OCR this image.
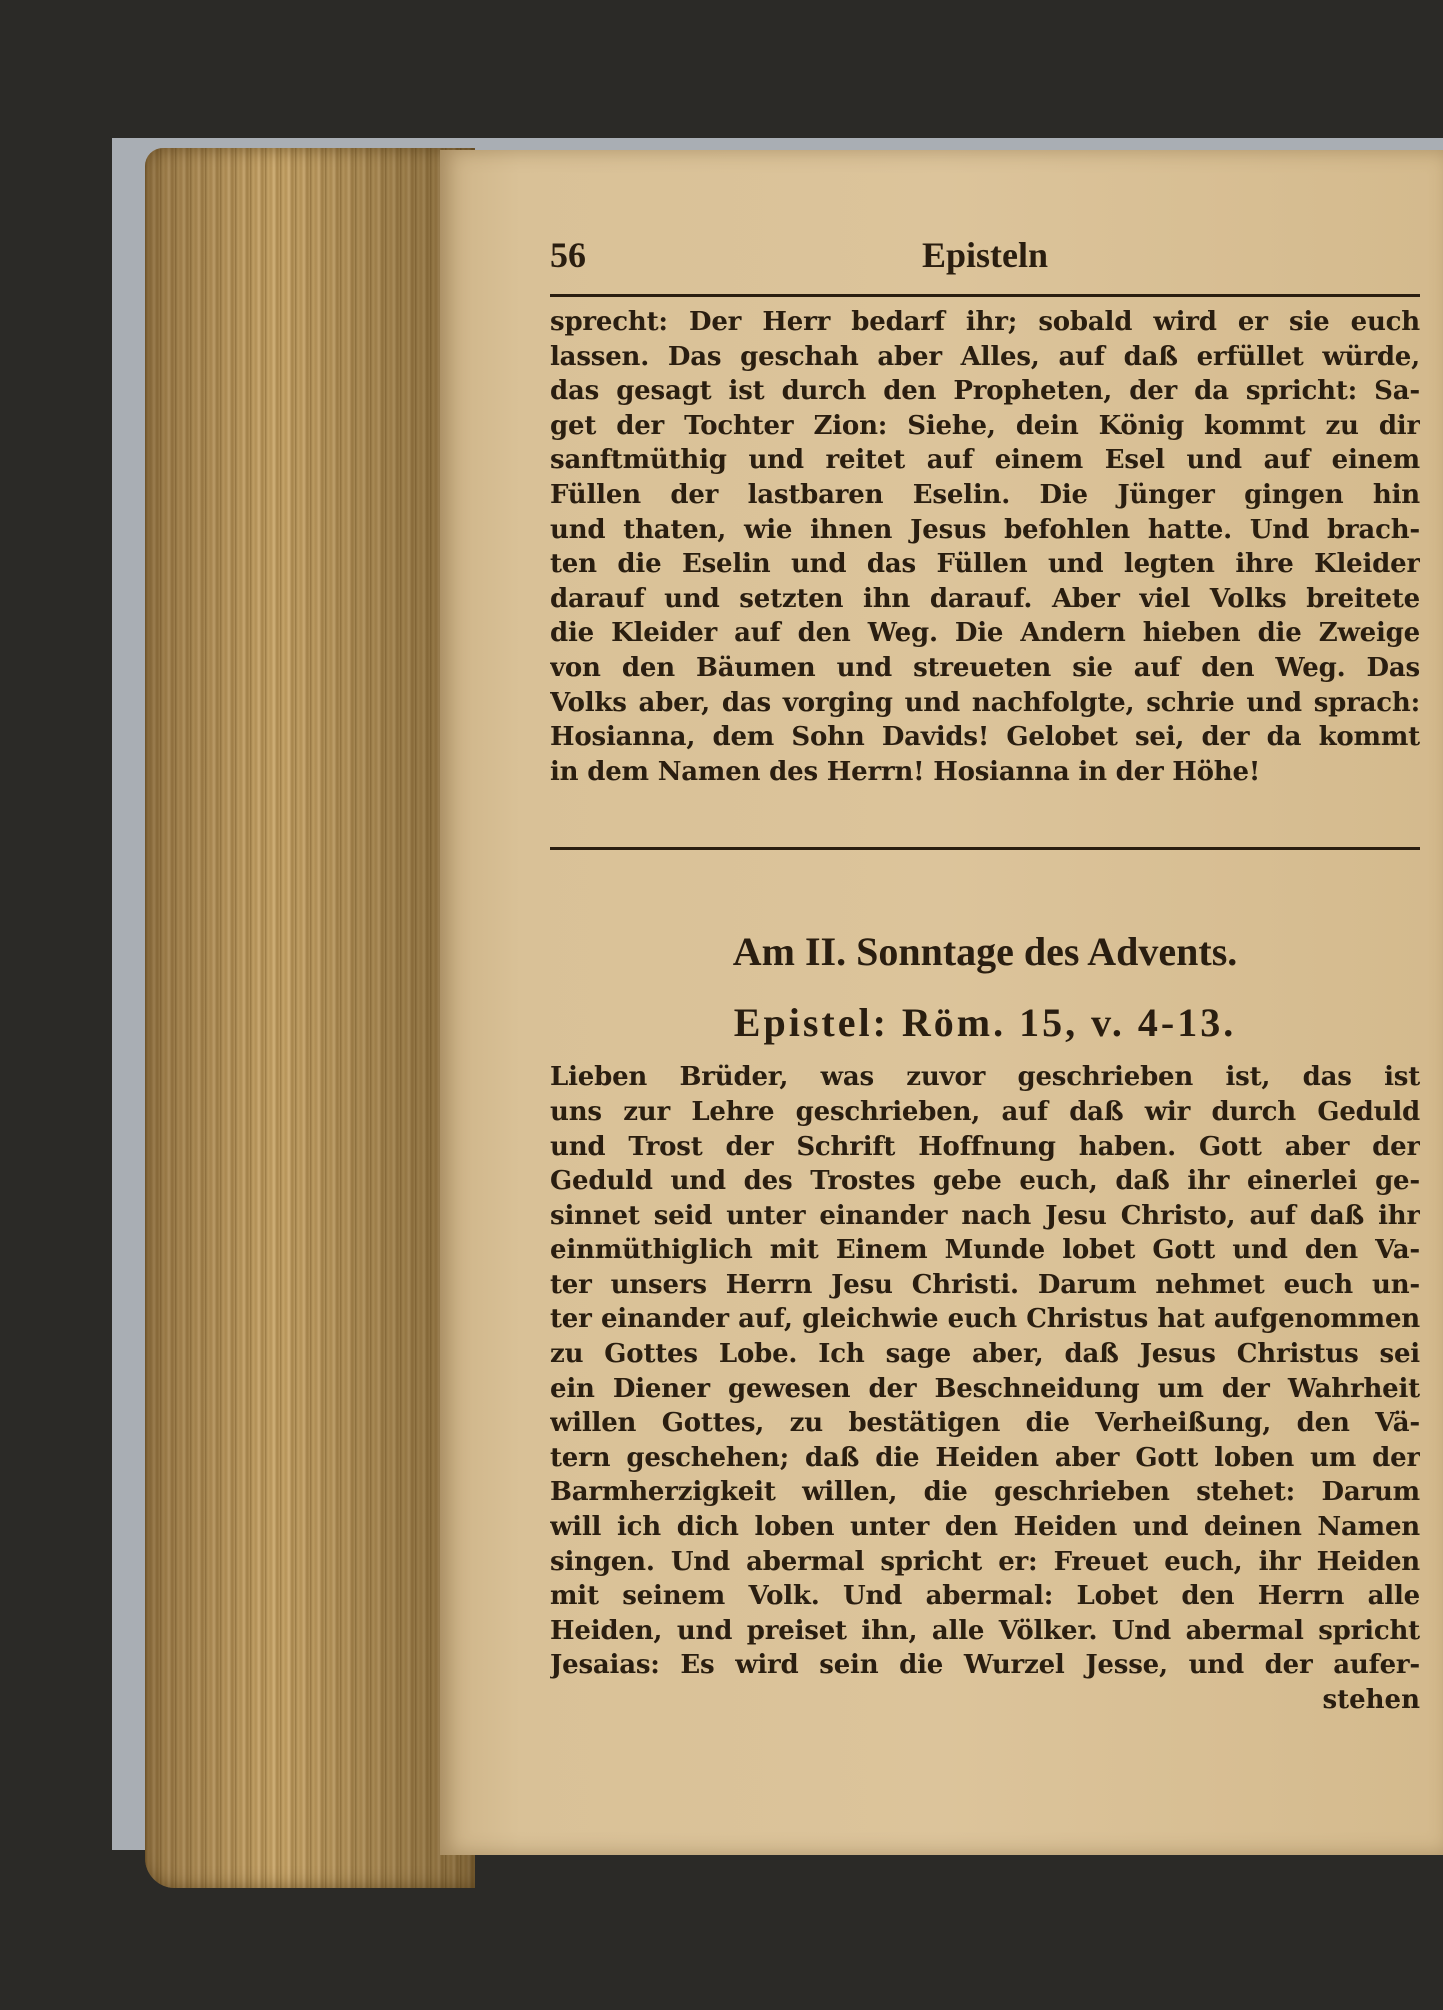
Episteln
56
sprecht: Der Herr bedarf ihr; sobald wird er sie euch
lassen. Das geschah aber Alles, auf daß erfüllet würde,
das gesagt ist durch den Propheten, der da spricht: Sa-
get der Tochter Zion: Siehe, dein König kommt zu dir
sanftmüthig und reitet auf einem Esel und auf einem
Füllen der lastbaren Eselin. Die Jünger gingen hin
und thaten, wie ihnen Jesus befohlen hatte. Und brach-
ten die Eselin und das Füllen und legten ihre Kleider
darauf und setzten ihn darauf. Aber viel Volks breitete
die Kleider auf den Weg. Die Andern hieben die Zweige
von den Bäumen und streueten sie auf den Weg. Das
Volks aber, das vorging und nachfolgte, schrie und sprach:
Hosianna, dem Sohn Davids! Gelobet sei, der da kommt
in dem Namen des Herrn! Hosianna in der Höhe!
Am II. Sonntage des Advents.
Epistel: Röm. 15, v. 4-13.
Lieben Brüder, was zuvor geschrieben ist, das ist
uns zur Lehre geschrieben, auf daß wir durch Geduld
und Trost der Schrift Hoffnung haben. Gott aber der
Geduld und des Trostes gebe euch, daß ihr einerlei ge-
sinnet seid unter einander nach Jesu Christo, auf daß ihr
einmüthiglich mit Einem Munde lobet Gott und den Va-
ter unsers Herrn Jesu Christi. Darum nehmet euch un-
ter einander auf, gleichwie euch Christus hat aufgenommen
zu Gottes Lobe. Ich sage aber, daß Jesus Christus sei
ein Diener gewesen der Beschneidung um der Wahrheit
willen Gottes, zu bestätigen die Verheißung, den Vä-
tern geschehen; daß die Heiden aber Gott loben um der
Barmherzigkeit willen, die geschrieben stehet: Darum
will ich dich loben unter den Heiden und deinen Namen
singen. Und abermal spricht er: Freuet euch, ihr Heiden
mit seinem Volk. Und abermal: Lobet den Herrn alle
Heiden, und preiset ihn, alle Völker. Und abermal spricht
Jesaias: Es wird sein die Wurzel Jesse, und der aufer-
stehen
